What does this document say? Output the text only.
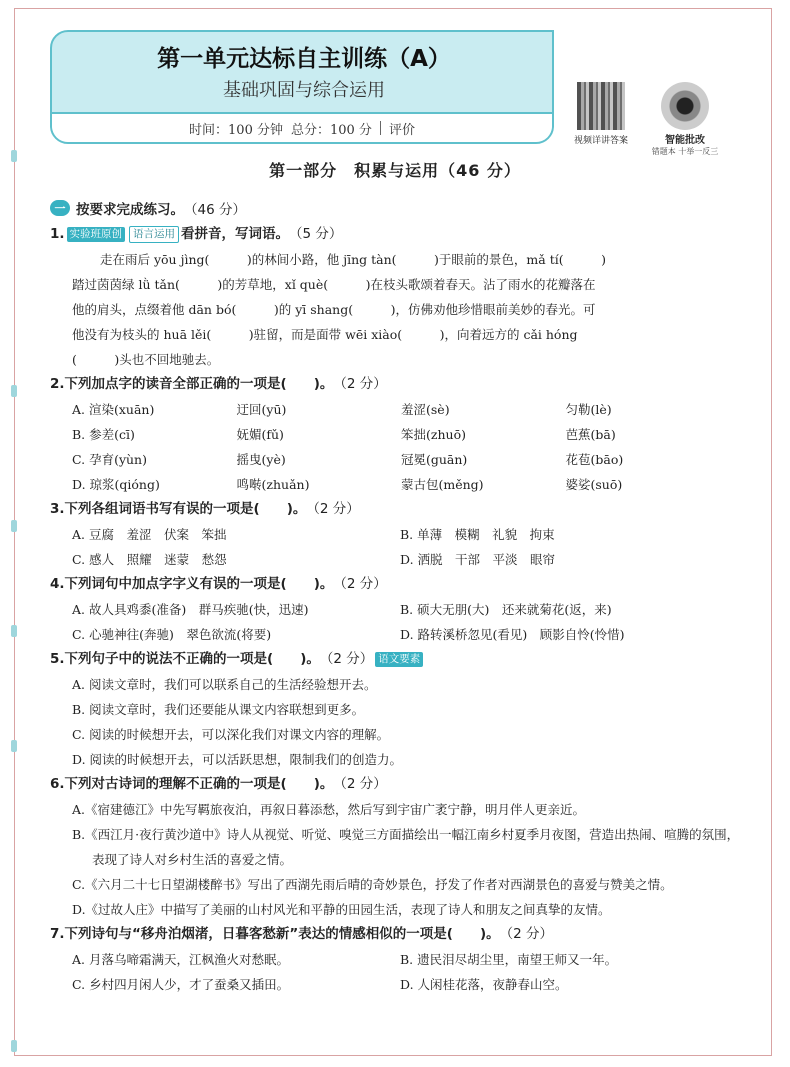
第一单元达标自主训练（A）
基础巩固与综合运用
时间：100 分钟 总分：100 分 评价
视频详讲答案	智能批改
错题本 十举一反三
第一部分　积累与运用（46 分）
一 按要求完成练习。 （46 分）
1. 实验班原创	语言运用 看拼音，写词语。 （5 分）
走在雨后 yōu jìng(　　　)的林间小路，他 jīng tàn(　　　)于眼前的景色，mǎ tí(　　　)
踏过茵茵绿 lǜ tǎn(　　　)的芳草地，xǐ què(　　　)在枝头歌颂着春天。沾了雨水的花瓣落在
他的肩头，点缀着他 dān bó(　　　)的 yī shang(　　　)，仿佛劝他珍惜眼前美妙的春光。可
他没有为枝头的 huā lěi(　　　)驻留，而是面带 wēi xiào(　　　)，向着远方的 cǎi hóng
(　　　)头也不回地驰去。
2. 下列加点字的读音全部正确的一项是(　　)。 （2 分）
A. 渲染(xuān)	迂回(yū)	羞涩(sè)	匀勒(lè)
B. 参差(cī)	妩媚(fǔ)	笨拙(zhuō)	芭蕉(bā)
C. 孕育(yùn)	摇曳(yè)	冠冕(guān)	花苞(bāo)
D. 琼浆(qióng)	鸣啭(zhuǎn)	蒙古包(měng)	婆娑(suō)
3. 下列各组词语书写有误的一项是(　　)。 （2 分）
A. 豆腐　羞涩　伏案　笨拙	B. 单薄　模糊　礼貌　拘束
C. 感人　照耀　迷蒙　愁怨	D. 洒脱　干部　平淡　眼帘
4. 下列词句中加点字字义有误的一项是(　　)。 （2 分）
A. 故人具鸡黍(准备)　群马疾驰(快，迅速)	B. 硕大无朋(大)　还来就菊花(返，来)
C. 心驰神往(奔驰)　翠色欲流(将要)	D. 路转溪桥忽见(看见)　顾影自怜(怜惜)
5. 下列句子中的说法不正确的一项是(　　)。 （2 分） 语文要素
A. 阅读文章时，我们可以联系自己的生活经验想开去。
B. 阅读文章时，我们还要能从课文内容联想到更多。
C. 阅读的时候想开去，可以深化我们对课文内容的理解。
D. 阅读的时候想开去，可以活跃思想，限制我们的创造力。
6. 下列对古诗词的理解不正确的一项是(　　)。 （2 分）
A.《宿建德江》中先写羁旅夜泊，再叙日暮添愁，然后写到宇宙广袤宁静，明月伴人更亲近。
B.《西江月·夜行黄沙道中》诗人从视觉、听觉、嗅觉三方面描绘出一幅江南乡村夏季月夜图，营造出热闹、喧腾的氛围，表现了诗人对乡村生活的喜爱之情。
C.《六月二十七日望湖楼醉书》写出了西湖先雨后晴的奇妙景色，抒发了作者对西湖景色的喜爱与赞美之情。
D.《过故人庄》中描写了美丽的山村风光和平静的田园生活，表现了诗人和朋友之间真挚的友情。
7. 下列诗句与“移舟泊烟渚，日暮客愁新”表达的情感相似的一项是(　　)。 （2 分）
A. 月落乌啼霜满天，江枫渔火对愁眠。	B. 遗民泪尽胡尘里，南望王师又一年。
C. 乡村四月闲人少，才了蚕桑又插田。	D. 人闲桂花落，夜静春山空。
